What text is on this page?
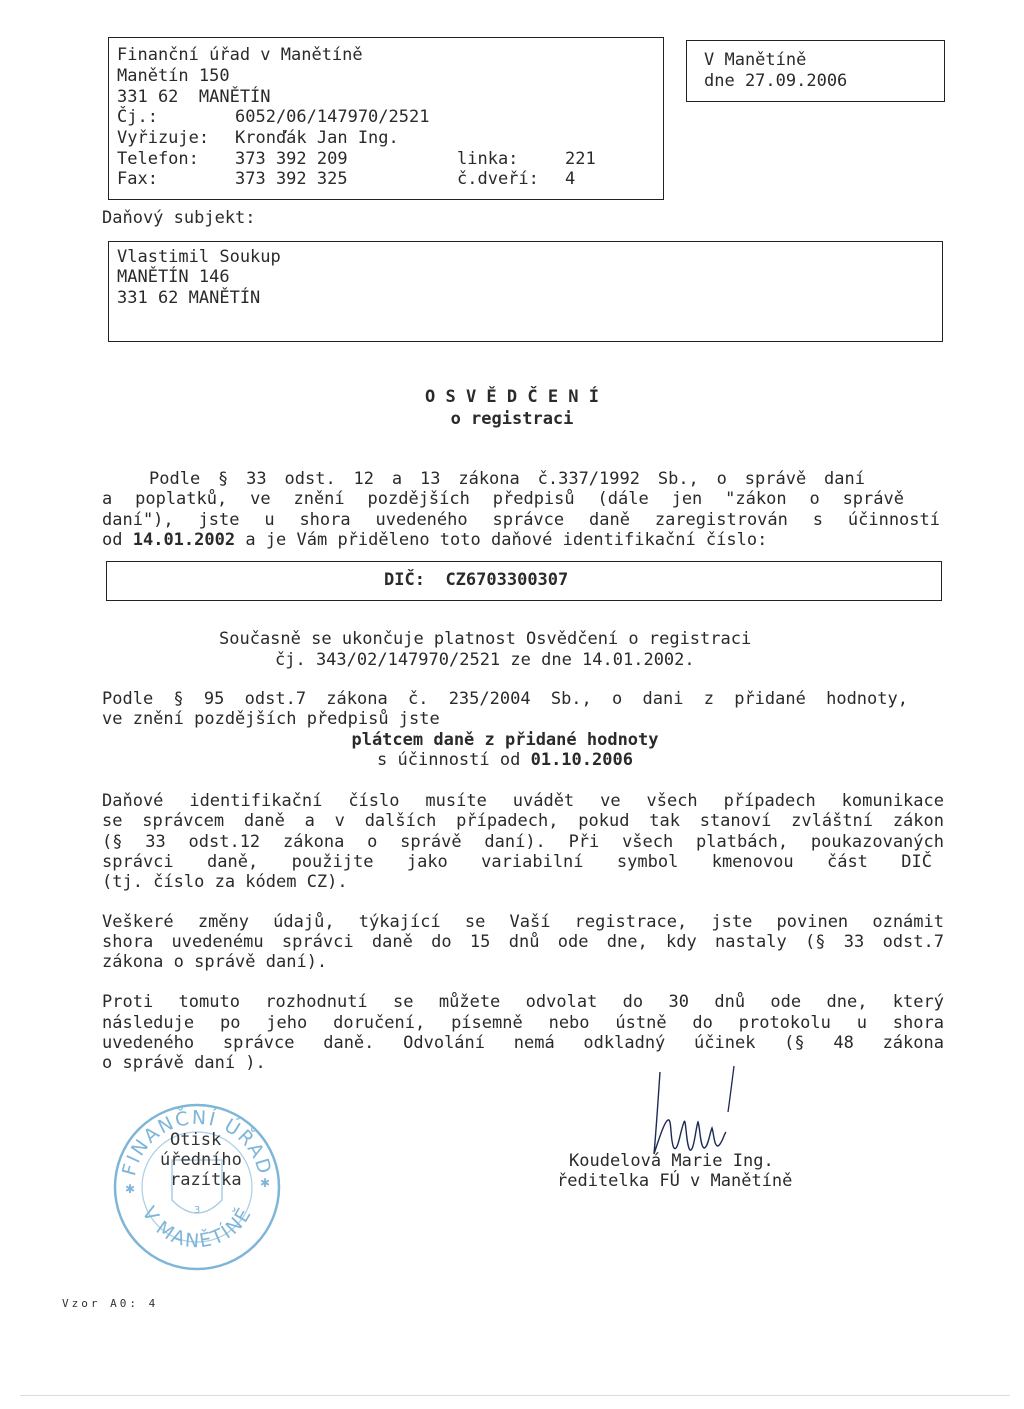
Finanční úřad v Manětíně
Manětín 150
331 62  MANĚTÍN
Čj.:	6052/06/147970/2521
Vyřizuje:	Kronďák Jan Ing.
Telefon:	373 392 209	linka:	221
Fax:	373 392 325	č.dveří:	4
V Manětíně
dne 27.09.2006
Daňový subjekt:
Vlastimil Soukup
MANĚTÍN 146
331 62 MANĚTÍN
O S V Ě D Č E N Í
o registraci
Podle § 33 odst. 12 a 13 zákona č.337/1992 Sb., o správě daní
a poplatků, ve znění pozdějších předpisů (dále jen "zákon o správě
daní"), jste u shora uvedeného správce daně zaregistrován s účinností
od 14.01.2002 a je Vám přiděleno toto daňové identifikační číslo:
DIČ: CZ6703300307
Současně se ukončuje platnost Osvědčení o registraci
čj. 343/02/147970/2521 ze dne 14.01.2002.
Podle § 95 odst.7 zákona č. 235/2004 Sb., o dani z přidané hodnoty,
ve znění pozdějších předpisů jste
plátcem daně z přidané hodnoty
s účinností od 01.10.2006
Daňové identifikační číslo musíte uvádět ve všech případech komunikace
se správcem daně a v dalších případech, pokud tak stanoví zvláštní zákon
(§ 33 odst.12 zákona o správě daní). Při všech platbách, poukazovaných
správci daně, použijte jako variabilní symbol kmenovou část DIČ
(tj. číslo za kódem CZ).
Veškeré změny údajů, týkající se Vaší registrace, jste povinen oznámit
shora uvedenému správci daně do 15 dnů ode dne, kdy nastaly (§ 33 odst.7
zákona o správě daní).
Proti tomuto rozhodnutí se můžete odvolat do 30 dnů ode dne, který
následuje po jeho doručení, písemně nebo ústně do protokolu u shora
uvedeného správce daně. Odvolání nemá odkladný účinek (§ 48 zákona
o správě daní ).
FINANČNÍ ÚŘAD
V MANĚTÍNĚ
✱	✱
3
Otisk
úředního
razítka
Koudelová Marie Ing.
ředitelka FÚ v Manětíně
Vzor A0: 4
